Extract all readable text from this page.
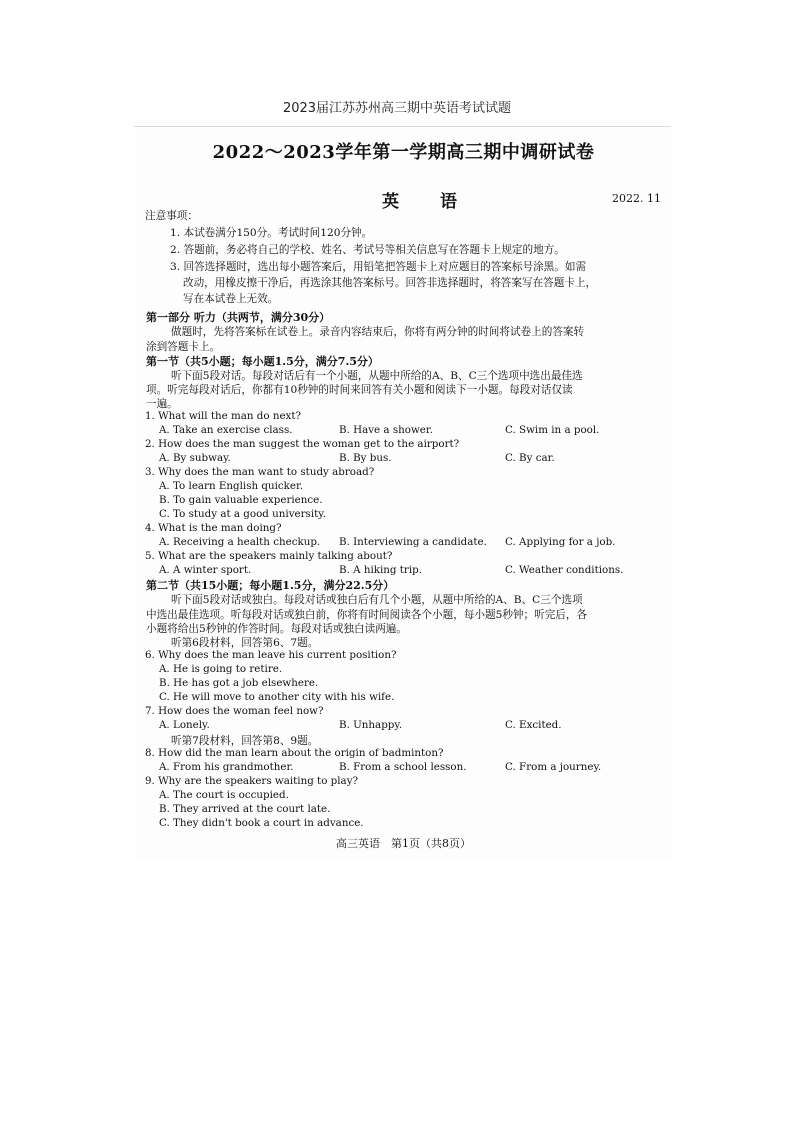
2023届江苏苏州高三期中英语考试试题
2022～2023学年第一学期高三期中调研试卷
英　语	2022. 11
注意事项：
1. 本试卷满分150分。考试时间120分钟。
2. 答题前，务必将自己的学校、姓名、考试号等相关信息写在答题卡上规定的地方。
3. 回答选择题时，选出每小题答案后，用铅笔把答题卡上对应题目的答案标号涂黑。如需
改动，用橡皮擦干净后，再选涂其他答案标号。回答非选择题时，将答案写在答题卡上，
写在本试卷上无效。
第一部分 听力（共两节，满分30分）
做题时，先将答案标在试卷上。录音内容结束后，你将有两分钟的时间将试卷上的答案转
涂到答题卡上。
第一节（共5小题；每小题1.5分，满分7.5分）
听下面5段对话。每段对话后有一个小题，从题中所给的A、B、C三个选项中选出最佳选
项。听完每段对话后，你都有10秒钟的时间来回答有关小题和阅读下一小题。每段对话仅读
一遍。
1. What will the man do next?
A. Take an exercise class.	B. Have a shower.	C. Swim in a pool.
2. How does the man suggest the woman get to the airport?
A. By subway.	B. By bus.	C. By car.
3. Why does the man want to study abroad?
A. To learn English quicker.
B. To gain valuable experience.
C. To study at a good university.
4. What is the man doing?
A. Receiving a health checkup. B. Interviewing a candidate. C. Applying for a job.
5. What are the speakers mainly talking about?
A. A winter sport.	B. A hiking trip.	C. Weather conditions.
第二节（共15小题；每小题1.5分，满分22.5分）
听下面5段对话或独白。每段对话或独白后有几个小题，从题中所给的A、B、C三个选项
中选出最佳选项。听每段对话或独白前，你将有时间阅读各个小题，每小题5秒钟；听完后，各
小题将给出5秒钟的作答时间。每段对话或独白读两遍。
听第6段材料，回答第6、7题。
6. Why does the man leave his current position?
A. He is going to retire.
B. He has got a job elsewhere.
C. He will move to another city with his wife.
7. How does the woman feel now?
A. Lonely.	B. Unhappy.	C. Excited.
听第7段材料，回答第8、9题。
8. How did the man learn about the origin of badminton?
A. From his grandmother.	B. From a school lesson.	C. From a journey.
9. Why are the speakers waiting to play?
A. The court is occupied.
B. They arrived at the court late.
C. They didn't book a court in advance.
高三英语　第1页（共8页）
